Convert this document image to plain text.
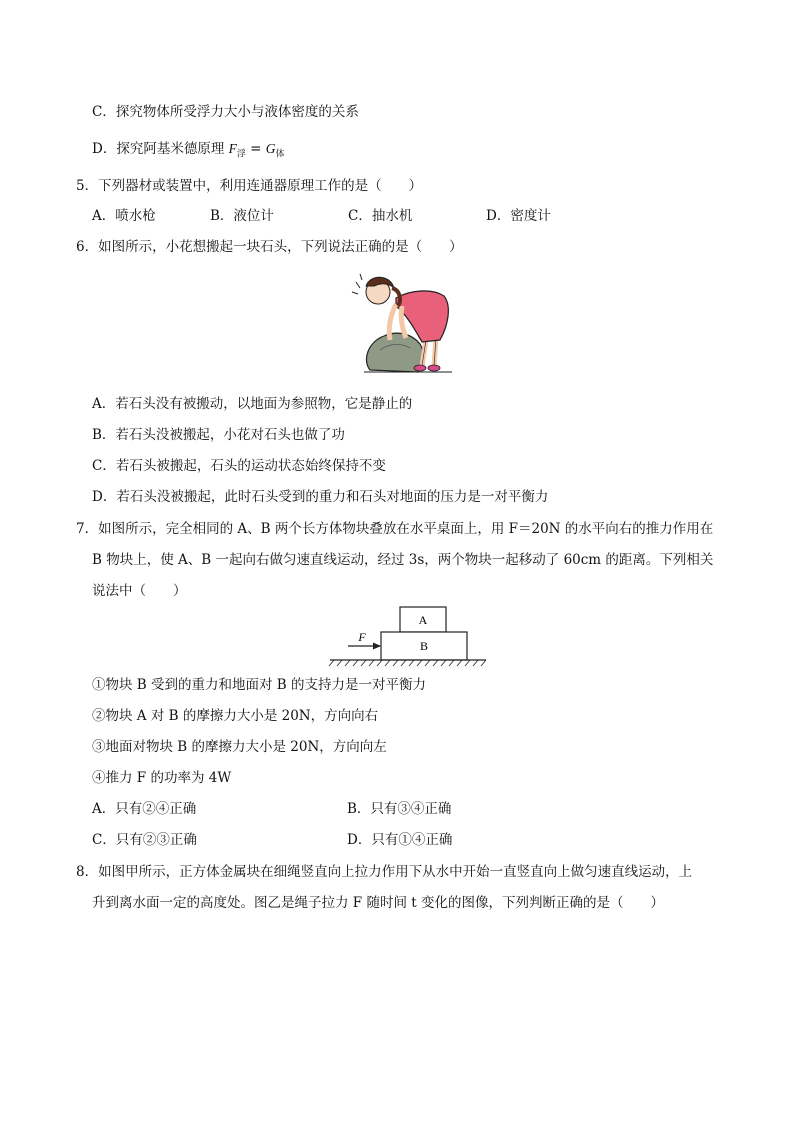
C．探究物体所受浮力大小与液体密度的关系
D．探究阿基米德原理 $F_浮 = G_体$
5．下列器材或装置中，利用连通器原理工作的是（　　）
A．喷水枪	B．液位计	C．抽水机	D．密度计
6．如图所示，小花想搬起一块石头，下列说法正确的是（　　）
A．若石头没有被搬动，以地面为参照物，它是静止的
B．若石头没被搬起，小花对石头也做了功
C．若石头被搬起，石头的运动状态始终保持不变
D．若石头没被搬起，此时石头受到的重力和石头对地面的压力是一对平衡力
7．如图所示，完全相同的 A、B 两个长方体物块叠放在水平桌面上，用 F＝20N 的水平向右的推力作用在
B 物块上，使 A、B 一起向右做匀速直线运动，经过 3s，两个物块一起移动了 60cm 的距离。下列相关
说法中（　　）
A
B
F
①物块 B 受到的重力和地面对 B 的支持力是一对平衡力
②物块 A 对 B 的摩擦力大小是 20N，方向向右
③地面对物块 B 的摩擦力大小是 20N，方向向左
④推力 F 的功率为 4W
A．只有②④正确	B．只有③④正确
C．只有②③正确	D．只有①④正确
8．如图甲所示，正方体金属块在细绳竖直向上拉力作用下从水中开始一直竖直向上做匀速直线运动，上
升到离水面一定的高度处。图乙是绳子拉力 F 随时间 t 变化的图像，下列判断正确的是（　　）
